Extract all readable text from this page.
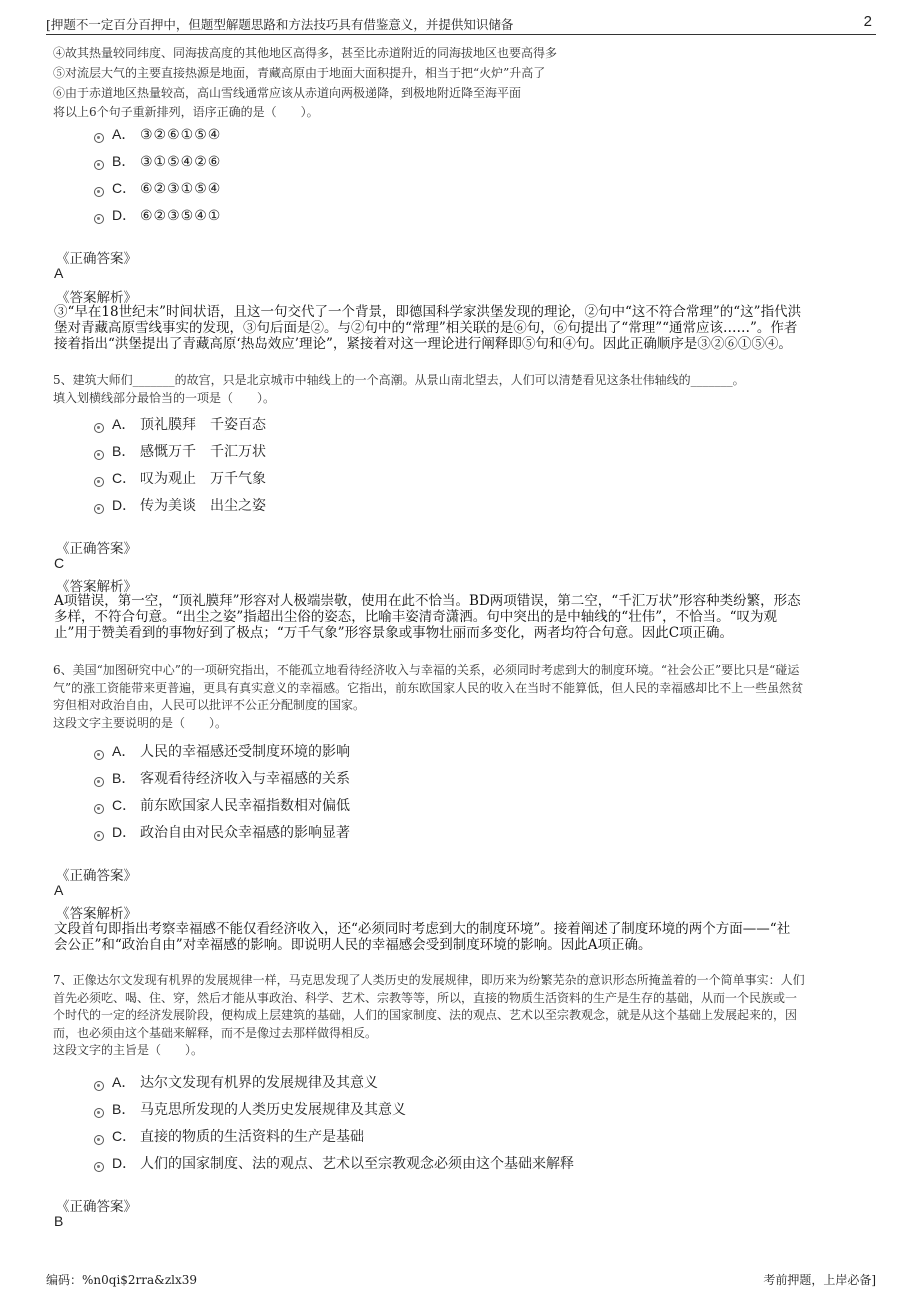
[押题不一定百分百押中，但题型解题思路和方法技巧具有借鉴意义，并提供知识储备	2
④故其热量较同纬度、同海拔高度的其他地区高得多，甚至比赤道附近的同海拔地区也要高得多
⑤对流层大气的主要直接热源是地面，青藏高原由于地面大面积提升，相当于把“火炉”升高了
⑥由于赤道地区热量较高，高山雪线通常应该从赤道向两极递降，到极地附近降至海平面
将以上6个句子重新排列，语序正确的是（　　）。
A． ③②⑥①⑤④
B． ③①⑤④②⑥
C． ⑥②③①⑤④
D． ⑥②③⑤④①
《正确答案》
A
《答案解析》
③“早在18世纪末”时间状语，且这一句交代了一个背景，即德国科学家洪堡发现的理论，②句中“这不符合常理”的“这”指代洪
堡对青藏高原雪线事实的发现，③句后面是②。与②句中的“常理”相关联的是⑥句，⑥句提出了“常理”“通常应该……”。作者
接着指出“洪堡提出了青藏高原‘热岛效应’理论”，紧接着对这一理论进行阐释即⑤句和④句。因此正确顺序是③②⑥①⑤④。
5、建筑大师们_______的故宫，只是北京城市中轴线上的一个高潮。从景山南北望去，人们可以清楚看见这条壮伟轴线的_______。
填入划横线部分最恰当的一项是（　　）。
A． 顶礼膜拜　千姿百态
B． 感慨万千　千汇万状
C． 叹为观止　万千气象
D． 传为美谈　出尘之姿
《正确答案》
C
《答案解析》
A项错误，第一空，“顶礼膜拜”形容对人极端崇敬，使用在此不恰当。BD两项错误，第二空，“千汇万状”形容种类纷繁，形态
多样，不符合句意。“出尘之姿”指超出尘俗的姿态，比喻丰姿清奇潇洒。句中突出的是中轴线的“壮伟”，不恰当。“叹为观
止”用于赞美看到的事物好到了极点；“万千气象”形容景象或事物壮丽而多变化，两者均符合句意。因此C项正确。
6、美国“加图研究中心”的一项研究指出，不能孤立地看待经济收入与幸福的关系，必须同时考虑到大的制度环境。“社会公正”要比只是“碰运
气”的涨工资能带来更普遍，更具有真实意义的幸福感。它指出，前东欧国家人民的收入在当时不能算低，但人民的幸福感却比不上一些虽然贫
穷但相对政治自由，人民可以批评不公正分配制度的国家。
这段文字主要说明的是（　　）。
A． 人民的幸福感还受制度环境的影响
B． 客观看待经济收入与幸福感的关系
C． 前东欧国家人民幸福指数相对偏低
D． 政治自由对民众幸福感的影响显著
《正确答案》
A
《答案解析》
文段首句即指出考察幸福感不能仅看经济收入，还“必须同时考虑到大的制度环境”。接着阐述了制度环境的两个方面——“社
会公正”和“政治自由”对幸福感的影响。即说明人民的幸福感会受到制度环境的影响。因此A项正确。
7、正像达尔文发现有机界的发展规律一样，马克思发现了人类历史的发展规律，即历来为纷繁芜杂的意识形态所掩盖着的一个简单事实：人们
首先必须吃、喝、住、穿，然后才能从事政治、科学、艺术、宗教等等，所以，直接的物质生活资料的生产是生存的基础，从而一个民族或一
个时代的一定的经济发展阶段，便构成上层建筑的基础，人们的国家制度、法的观点、艺术以至宗教观念，就是从这个基础上发展起来的，因
而，也必须由这个基础来解释，而不是像过去那样做得相反。
这段文字的主旨是（　　）。
A． 达尔文发现有机界的发展规律及其意义
B． 马克思所发现的人类历史发展规律及其意义
C． 直接的物质的生活资料的生产是基础
D． 人们的国家制度、法的观点、艺术以至宗教观念必须由这个基础来解释
《正确答案》
B
编码：%n0qi$2rra&zlx39	考前押题，上岸必备]
